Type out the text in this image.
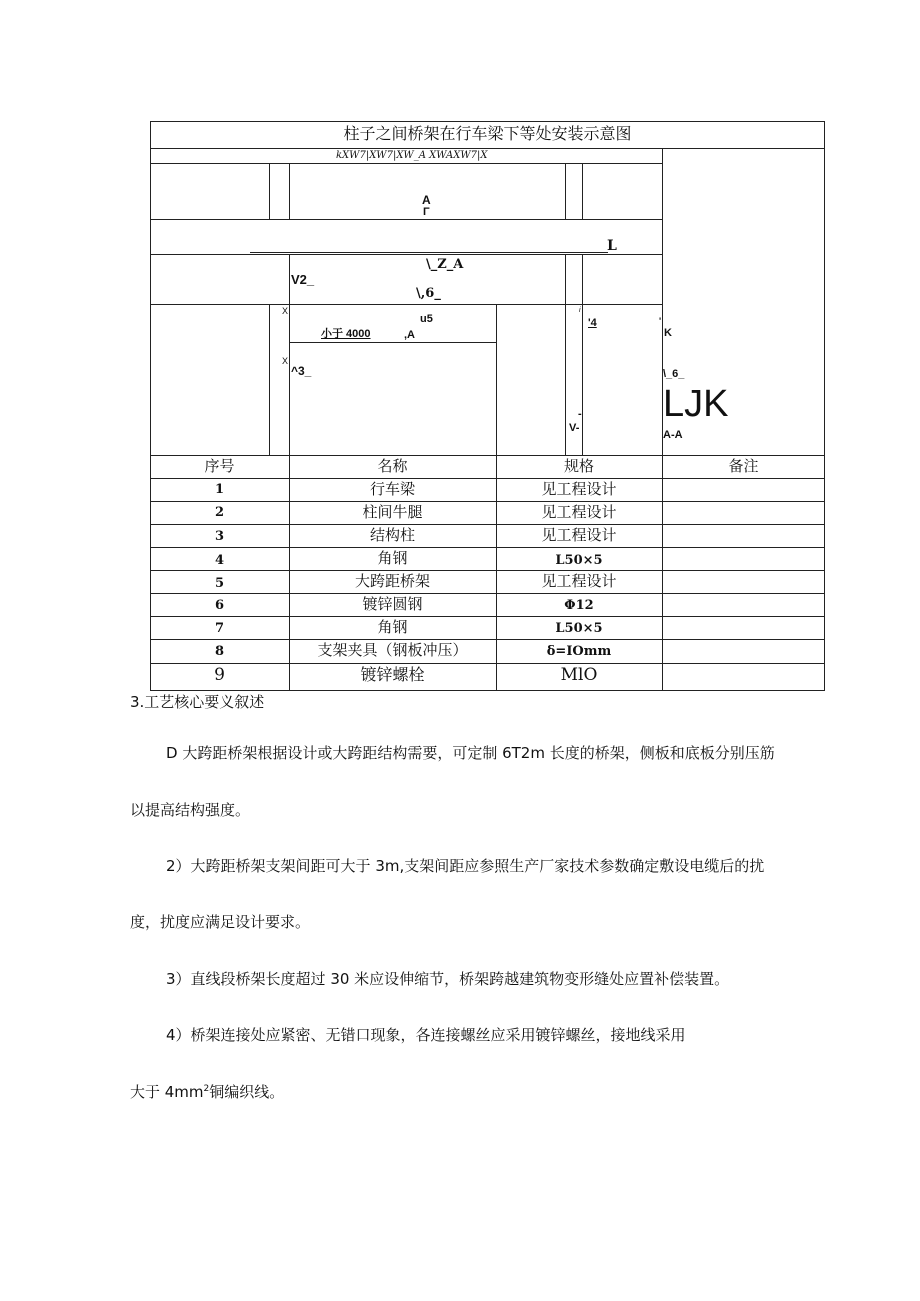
柱子之间桥架在行车梁下等处安装示意图
kXW7|XW7|XW_A XWAXW7|X
A
Γ
L
\_Z_A
V2_
\,6_
X
u5
小于 4000	,A
X
^3_
i
'4	'
K
\_6_
LJK
-
V-
A-A
序号	名称	规格	备注
1	行车梁	见工程设计
2	柱间牛腿	见工程设计
3	结构柱	见工程设计
4	角钢	L50×5
5	大跨距桥架	见工程设计
6	镀锌圆钢	Φ12
7	角钢	L50×5
8	支架夹具（钢板冲压）	δ=IOmm
9	镀锌螺栓	MlO
3.工艺核心要义叙述
D 大跨距桥架根据设计或大跨距结构需要，可定制 6T2m 长度的桥架，侧板和底板分别压筋
以提高结构强度。
2）大跨距桥架支架间距可大于 3m,支架间距应参照生产厂家技术参数确定敷设电缆后的扰
度，扰度应满足设计要求。
3）直线段桥架长度超过 30 米应设伸缩节，桥架跨越建筑物变形缝处应置补偿装置。
4）桥架连接处应紧密、无错口现象，各连接螺丝应采用镀锌螺丝，接地线采用
大于 $4mm^2$铜编织线。
